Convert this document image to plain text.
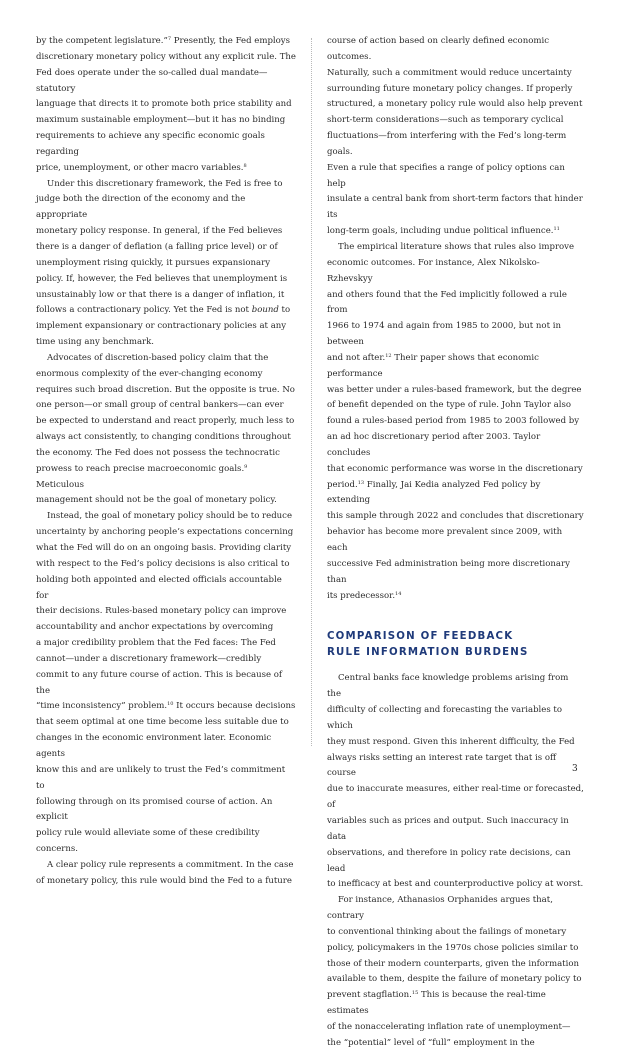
by the competent legislature.”$^7$ Presently, the Fed employs
discretionary monetary policy without any explicit rule. The
Fed does operate under the so-called dual mandate—statutory
language that directs it to promote both price stability and
maximum sustainable employment—but it has no binding
requirements to achieve any specific economic goals regarding
price, unemployment, or other macro variables.$^8$

Under this discretionary framework, the Fed is free to
judge both the direction of the economy and the appropriate
monetary policy response. In general, if the Fed believes
there is a danger of deflation (a falling price level) or of
unemployment rising quickly, it pursues expansionary
policy. If, however, the Fed believes that unemployment is
unsustainably low or that there is a danger of inflation, it
follows a contractionary policy. Yet the Fed is not bound to
implement expansionary or contractionary policies at any
time using any benchmark.

Advocates of discretion-based policy claim that the
enormous complexity of the ever-changing economy
requires such broad discretion. But the opposite is true. No
one person—or small group of central bankers—can ever
be expected to understand and react properly, much less to
always act consistently, to changing conditions throughout
the economy. The Fed does not possess the technocratic
prowess to reach precise macroeconomic goals.$^9$ Meticulous
management should not be the goal of monetary policy.

Instead, the goal of monetary policy should be to reduce
uncertainty by anchoring people’s expectations concerning
what the Fed will do on an ongoing basis. Providing clarity
with respect to the Fed’s policy decisions is also critical to
holding both appointed and elected officials accountable for
their decisions. Rules-based monetary policy can improve
accountability and anchor expectations by overcoming
a major credibility problem that the Fed faces: The Fed
cannot—under a discretionary framework—credibly
commit to any future course of action. This is because of the
“time inconsistency” problem.$^{10}$ It occurs because decisions
that seem optimal at one time become less suitable due to
changes in the economic environment later. Economic agents
know this and are unlikely to trust the Fed’s commitment to
following through on its promised course of action. An explicit
policy rule would alleviate some of these credibility concerns.

A clear policy rule represents a commitment. In the case
of monetary policy, this rule would bind the Fed to a future

course of action based on clearly defined economic outcomes.
Naturally, such a commitment would reduce uncertainty
surrounding future monetary policy changes. If properly
structured, a monetary policy rule would also help prevent
short-term considerations—such as temporary cyclical
fluctuations—from interfering with the Fed’s long-term goals.
Even a rule that specifies a range of policy options can help
insulate a central bank from short-term factors that hinder its
long-term goals, including undue political influence.$^{11}$

The empirical literature shows that rules also improve
economic outcomes. For instance, Alex Nikolsko-Rzhevskyy
and others found that the Fed implicitly followed a rule from
1966 to 1974 and again from 1985 to 2000, but not in between
and not after.$^{12}$ Their paper shows that economic performance
was better under a rules-based framework, but the degree
of benefit depended on the type of rule. John Taylor also
found a rules-based period from 1985 to 2003 followed by
an ad hoc discretionary period after 2003. Taylor concludes
that economic performance was worse in the discretionary
period.$^{13}$ Finally, Jai Kedia analyzed Fed policy by extending
this sample through 2022 and concludes that discretionary
behavior has become more prevalent since 2009, with each
successive Fed administration being more discretionary than
its predecessor.$^{14}$

COMPARISON OF FEEDBACK
RULE INFORMATION BURDENS

Central banks face knowledge problems arising from the
difficulty of collecting and forecasting the variables to which
they must respond. Given this inherent difficulty, the Fed
always risks setting an interest rate target that is off course
due to inaccurate measures, either real-time or forecasted, of
variables such as prices and output. Such inaccuracy in data
observations, and therefore in policy rate decisions, can lead
to inefficacy at best and counterproductive policy at worst.

For instance, Athanasios Orphanides argues that, contrary
to conventional thinking about the failings of monetary
policy, policymakers in the 1970s chose policies similar to
those of their modern counterparts, given the information
available to them, despite the failure of monetary policy to
prevent stagflation.$^{15}$ This is because the real-time estimates
of the nonaccelerating inflation rate of unemployment—
the “potential” level of “full” employment in the

3
